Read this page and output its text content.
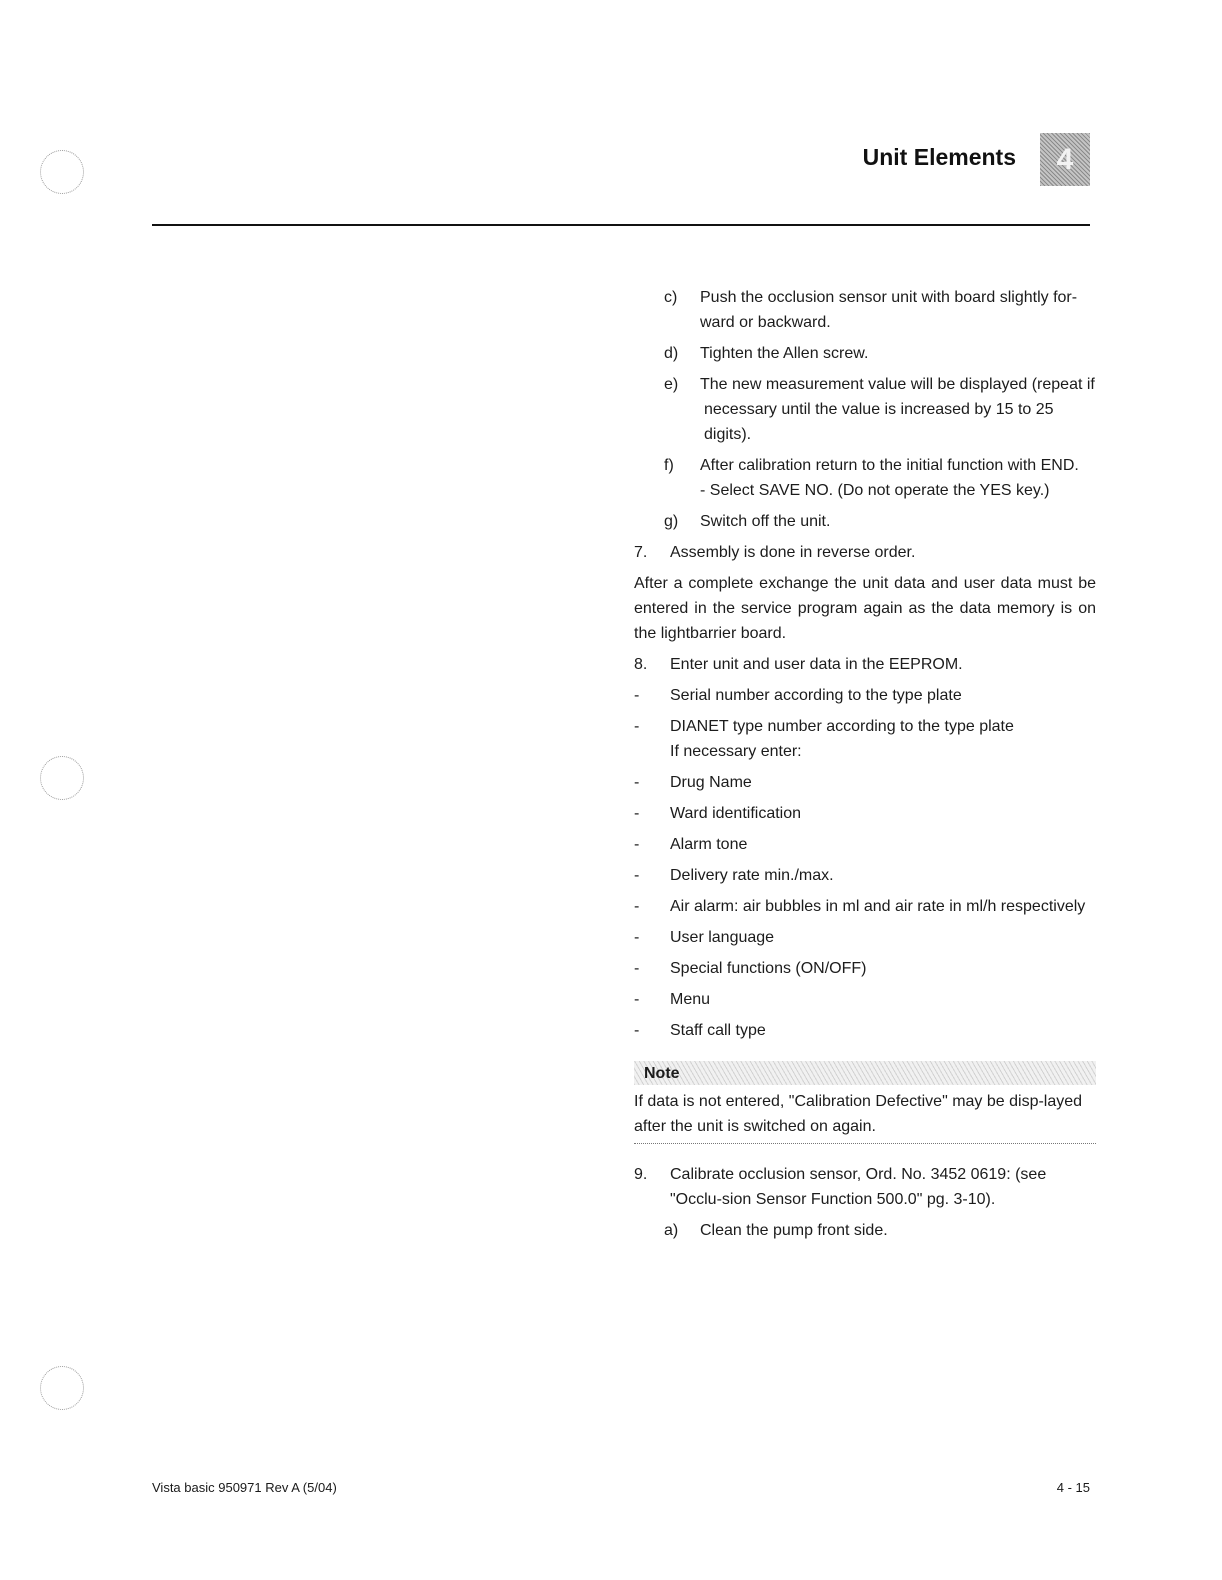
Unit Elements 4
c)	Push the occlusion sensor unit with board slightly for-
ward or backward.
d)	Tighten the Allen screw.
e)	The new measurement value will be displayed (repeat if
necessary until the value is increased by 15 to 25 digits).
f)	After calibration return to the initial function with END.
- Select SAVE NO. (Do not operate the YES key.)
g)	Switch off the unit.
7.	Assembly is done in reverse order.
After a complete exchange the unit data and user data must be entered in the service program again as the data memory is on the lightbarrier board.
8.	Enter unit and user data in the EEPROM.
-	Serial number according to the type plate
-	DIANET type number according to the type plate
If necessary enter:
-	Drug Name
-	Ward identification
-	Alarm tone
-	Delivery rate min./max.
-	Air alarm: air bubbles in ml and air rate in ml/h respectively
-	User language
-	Special functions (ON/OFF)
-	Menu
-	Staff call type
Note
If data is not entered, "Calibration Defective" may be disp-layed after the unit is switched on again.
9.	Calibrate occlusion sensor, Ord. No. 3452 0619: (see "Occlu-sion Sensor Function 500.0" pg. 3-10).
a)	Clean the pump front side.
Vista basic 950971 Rev A (5/04)	4 - 15
